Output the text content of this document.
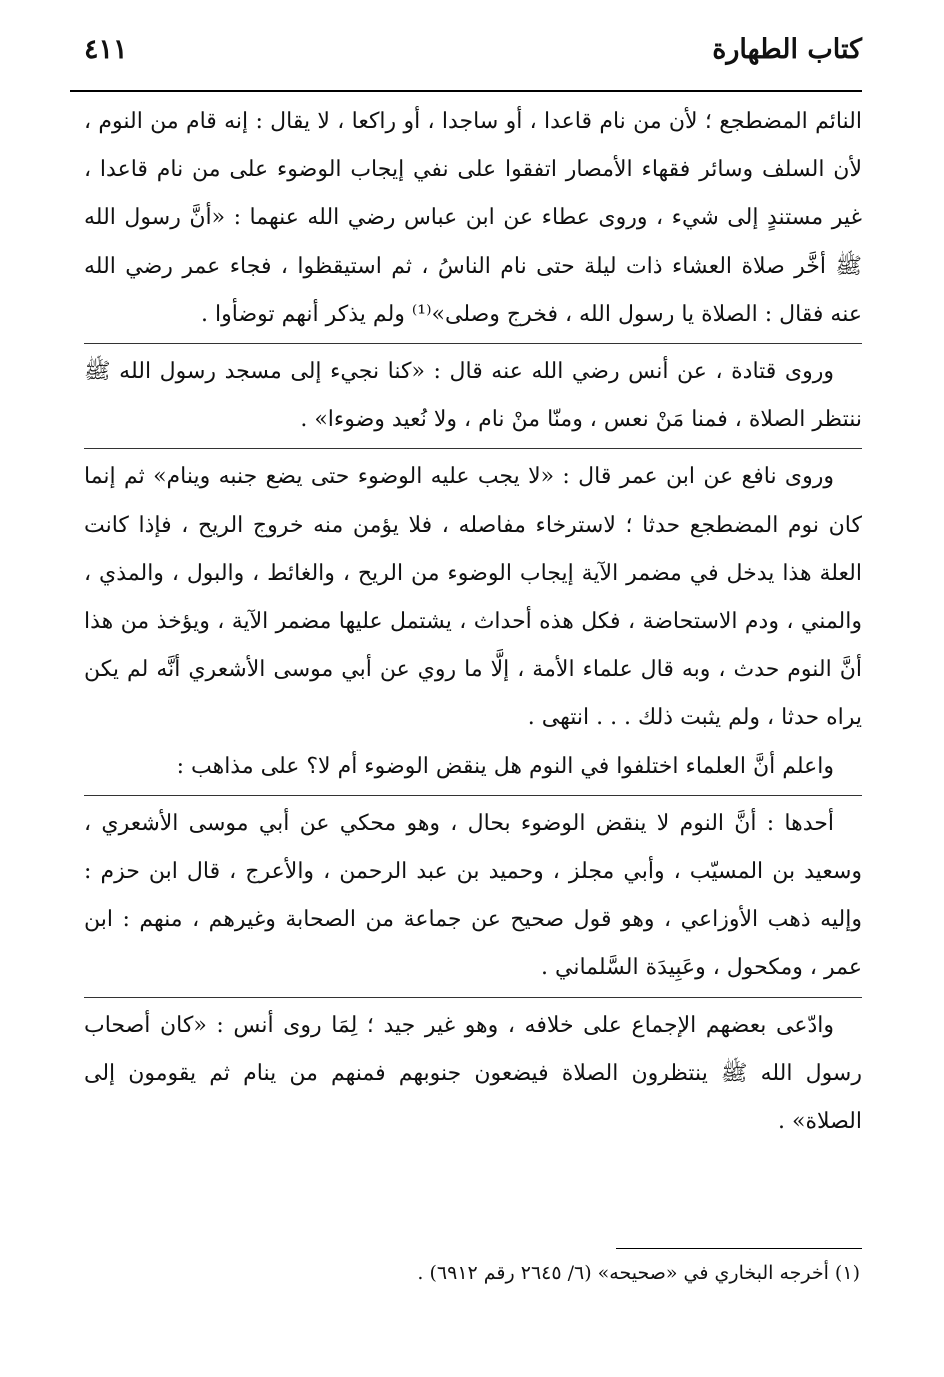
كتاب الطهارة
٤١١

النائم المضطجع ؛ لأن من نام قاعدا ، أو ساجدا ، أو راكعا ، لا يقال : إنه قام من النوم ، لأن السلف وسائر فقهاء الأمصار اتفقوا على نفي إيجاب الوضوء على من نام قاعدا ، غير مستندٍ إلى شيء ، وروى عطاء عن ابن عباس رضي الله عنهما : «أنَّ رسول الله ﷺ أخَّر صلاة العشاء ذات ليلة حتى نام الناسُ ، ثم استيقظوا ، فجاء عمر رضي الله عنه فقال : الصلاة يا رسول الله ، فخرج وصلى»⁽¹⁾ ولم يذكر أنهم توضأوا .

وروى قتادة ، عن أنس رضي الله عنه قال : «كنا نجيء إلى مسجد رسول الله ﷺ ننتظر الصلاة ، فمنا مَنْ نعس ، ومنّا منْ نام ، ولا نُعيد وضوءا» .

وروى نافع عن ابن عمر قال : «لا يجب عليه الوضوء حتى يضع جنبه وينام» ثم إنما كان نوم المضطجع حدثا ؛ لاسترخاء مفاصله ، فلا يؤمن منه خروج الريح ، فإذا كانت العلة هذا يدخل في مضمر الآية إيجاب الوضوء من الريح ، والغائط ، والبول ، والمذي ، والمني ، ودم الاستحاضة ، فكل هذه أحداث ، يشتمل عليها مضمر الآية ، ويؤخذ من هذا أنَّ النوم حدث ، وبه قال علماء الأمة ، إلَّا ما روي عن أبي موسى الأشعري أنَّه لم يكن يراه حدثا ، ولم يثبت ذلك . . . انتهى .

واعلم أنَّ العلماء اختلفوا في النوم هل ينقض الوضوء أم لا؟ على مذاهب :

أحدها : أنَّ النوم لا ينقض الوضوء بحال ، وهو محكي عن أبي موسى الأشعري ، وسعيد بن المسيّب ، وأبي مجلز ، وحميد بن عبد الرحمن ، والأعرج ، قال ابن حزم : وإليه ذهب الأوزاعي ، وهو قول صحيح عن جماعة من الصحابة وغيرهم ، منهم : ابن عمر ، ومكحول ، وعَبِيدَة السَّلماني .

وادّعى بعضهم الإجماع على خلافه ، وهو غير جيد ؛ لِمَا روى أنس : «كان أصحاب رسول الله ﷺ ينتظرون الصلاة فيضعون جنوبهم فمنهم من ينام ثم يقومون إلى الصلاة» .

(١) أخرجه البخاري في «صحيحه» (٦/ ٢٦٤٥ رقم ٦٩١٢) .
